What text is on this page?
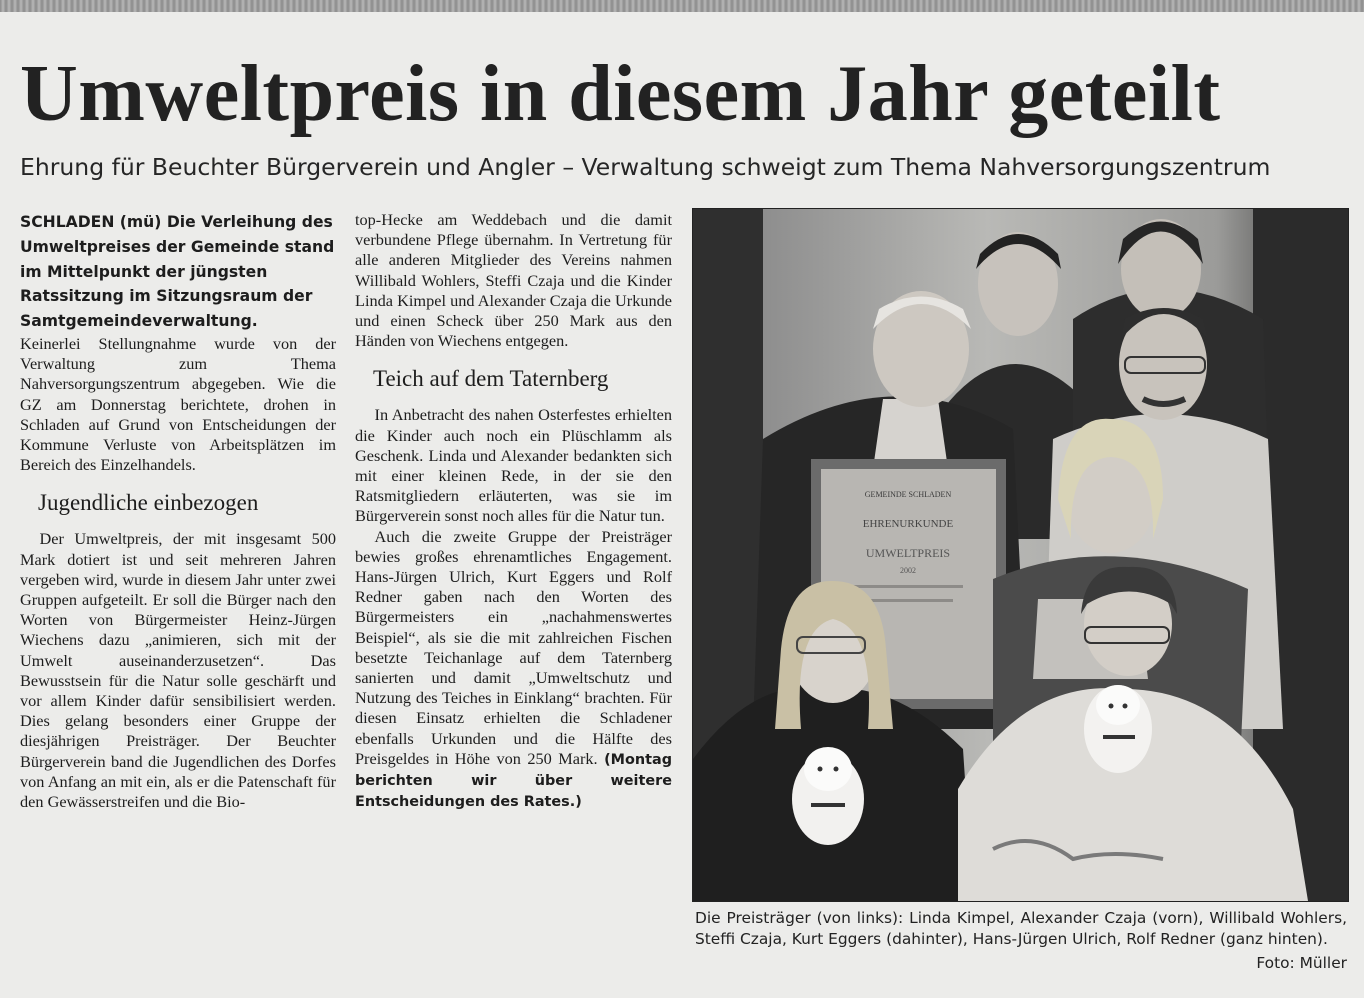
Umweltpreis in diesem Jahr geteilt
Ehrung für Beuchter Bürgerverein und Angler – Verwaltung schweigt zum Thema Nahversorgungszentrum

SCHLADEN (mü) Die Verleihung des Umweltpreises der Gemeinde stand im Mittelpunkt der jüngsten Ratssitzung im Sitzungsraum der Samtgemeindeverwaltung.

Keinerlei Stellungnahme wurde von der Verwaltung zum Thema Nahversorgungszentrum abgegeben. Wie die GZ am Donnerstag berichtete, drohen in Schladen auf Grund von Entscheidungen der Kommune Verluste von Arbeitsplätzen im Bereich des Einzelhandels.

Jugendliche einbezogen

Der Umweltpreis, der mit insgesamt 500 Mark dotiert ist und seit mehreren Jahren vergeben wird, wurde in diesem Jahr unter zwei Gruppen aufgeteilt. Er soll die Bürger nach den Worten von Bürgermeister Heinz-Jürgen Wiechens dazu „animieren, sich mit der Umwelt auseinanderzusetzen“. Das Bewusstsein für die Natur solle geschärft und vor allem Kinder dafür sensibilisiert werden. Dies gelang besonders einer Gruppe der diesjährigen Preisträger. Der Beuchter Bürgerverein band die Jugendlichen des Dorfes von Anfang an mit ein, als er die Patenschaft für den Gewässerstreifen und die Bio-

top-Hecke am Weddebach und die damit verbundene Pflege übernahm. In Vertretung für alle anderen Mitglieder des Vereins nahmen Willibald Wohlers, Steffi Czaja und die Kinder Linda Kimpel und Alexander Czaja die Urkunde und einen Scheck über 250 Mark aus den Händen von Wiechens entgegen.

Teich auf dem Taternberg

In Anbetracht des nahen Osterfestes erhielten die Kinder auch noch ein Plüschlamm als Geschenk. Linda und Alexander bedankten sich mit einer kleinen Rede, in der sie den Ratsmitgliedern erläuterten, was sie im Bürgerverein sonst noch alles für die Natur tun.

Auch die zweite Gruppe der Preisträger bewies großes ehrenamtliches Engagement. Hans-Jürgen Ulrich, Kurt Eggers und Rolf Redner gaben nach den Worten des Bürgermeisters ein „nachahmenswertes Beispiel“, als sie die mit zahlreichen Fischen besetzte Teichanlage auf dem Taternberg sanierten und damit „Umweltschutz und Nutzung des Teiches in Einklang“ brachten. Für diesen Einsatz erhielten die Schladener ebenfalls Urkunden und die Hälfte des Preisgeldes in Höhe von 250 Mark. (Montag berichten wir über weitere Entscheidungen des Rates.)

GEMEINDE SCHLADEN
EHRENURKUNDE
UMWELTPREIS
2002
Die Preisträger (von links): Linda Kimpel, Alexander Czaja (vorn), Willibald Wohlers, Steffi Czaja, Kurt Eggers (dahinter), Hans-Jürgen Ulrich, Rolf Redner (ganz hinten).
Foto: Müller
